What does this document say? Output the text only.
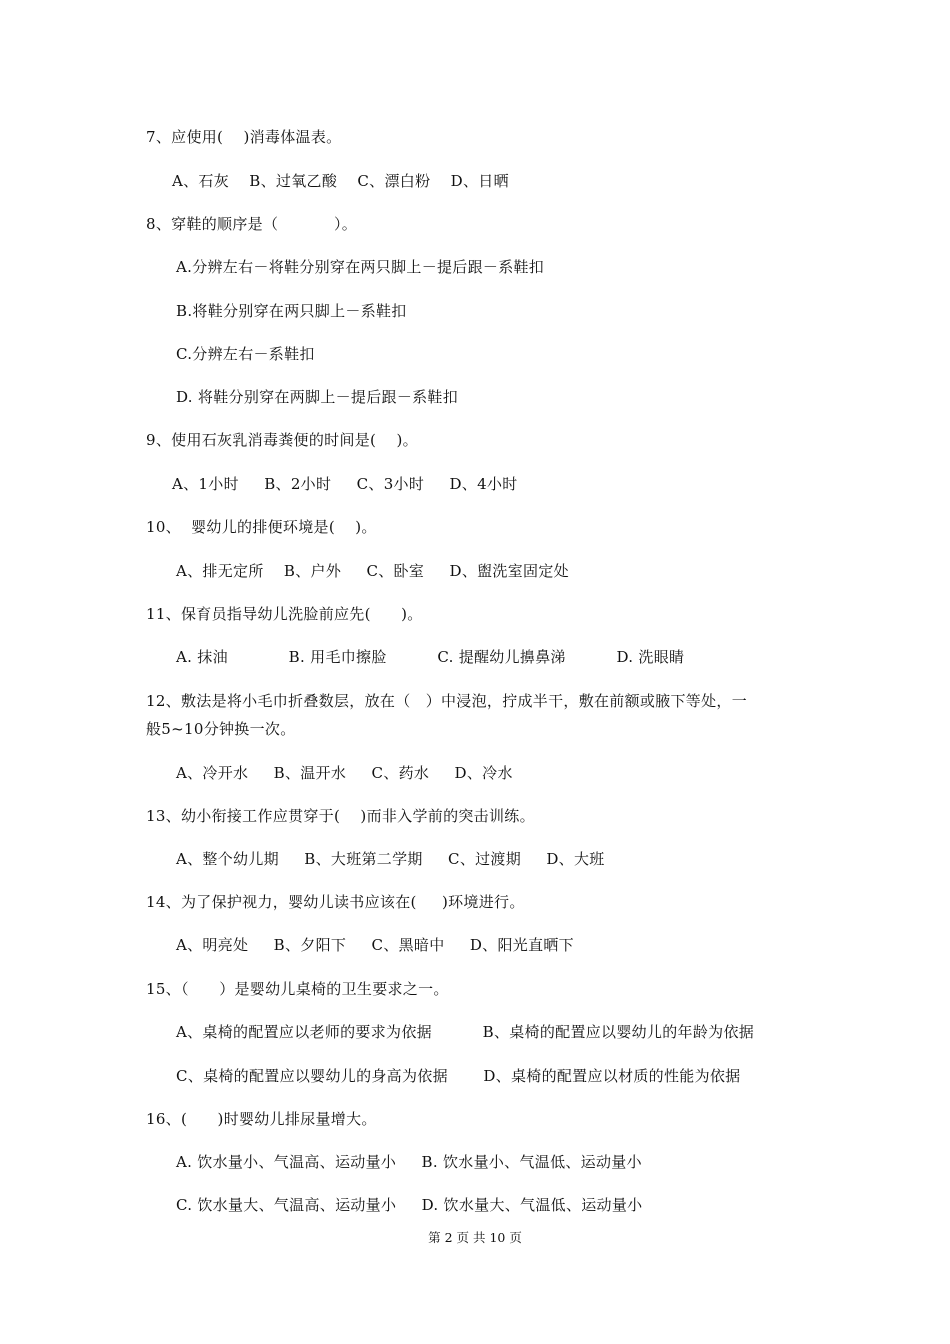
7、应使用(    )消毒体温表。
A、石灰    B、过氧乙酸    C、漂白粉    D、日晒
8、穿鞋的顺序是（           ）。
A.分辨左右－将鞋分别穿在两只脚上－提后跟－系鞋扣
B.将鞋分别穿在两只脚上－系鞋扣
C.分辨左右－系鞋扣
D. 将鞋分别穿在两脚上－提后跟－系鞋扣
9、使用石灰乳消毒粪便的时间是(    )。
A、1小时     B、2小时     C、3小时     D、4小时
10、  婴幼儿的排便环境是(    )。
A、排无定所    B、户外     C、卧室     D、盥洗室固定处
11、保育员指导幼儿洗脸前应先(      )。
A. 抹油            B. 用毛巾擦脸          C. 提醒幼儿擤鼻涕          D. 洗眼睛
12、敷法是将小毛巾折叠数层，放在（   ）中浸泡，拧成半干，敷在前额或腋下等处，一
般5~10分钟换一次。
A、冷开水     B、温开水     C、药水     D、冷水
13、幼小衔接工作应贯穿于(    )而非入学前的突击训练。
A、整个幼儿期     B、大班第二学期     C、过渡期     D、大班
14、为了保护视力，婴幼儿读书应该在(     )环境进行。
A、明亮处     B、夕阳下     C、黑暗中     D、阳光直晒下
15、（      ）是婴幼儿桌椅的卫生要求之一。
A、桌椅的配置应以老师的要求为依据          B、桌椅的配置应以婴幼儿的年龄为依据
C、桌椅的配置应以婴幼儿的身高为依据       D、桌椅的配置应以材质的性能为依据
16、(      )时婴幼儿排尿量增大。
A. 饮水量小、气温高、运动量小     B. 饮水量小、气温低、运动量小
C. 饮水量大、气温高、运动量小     D. 饮水量大、气温低、运动量小
第 2 页 共 10 页
